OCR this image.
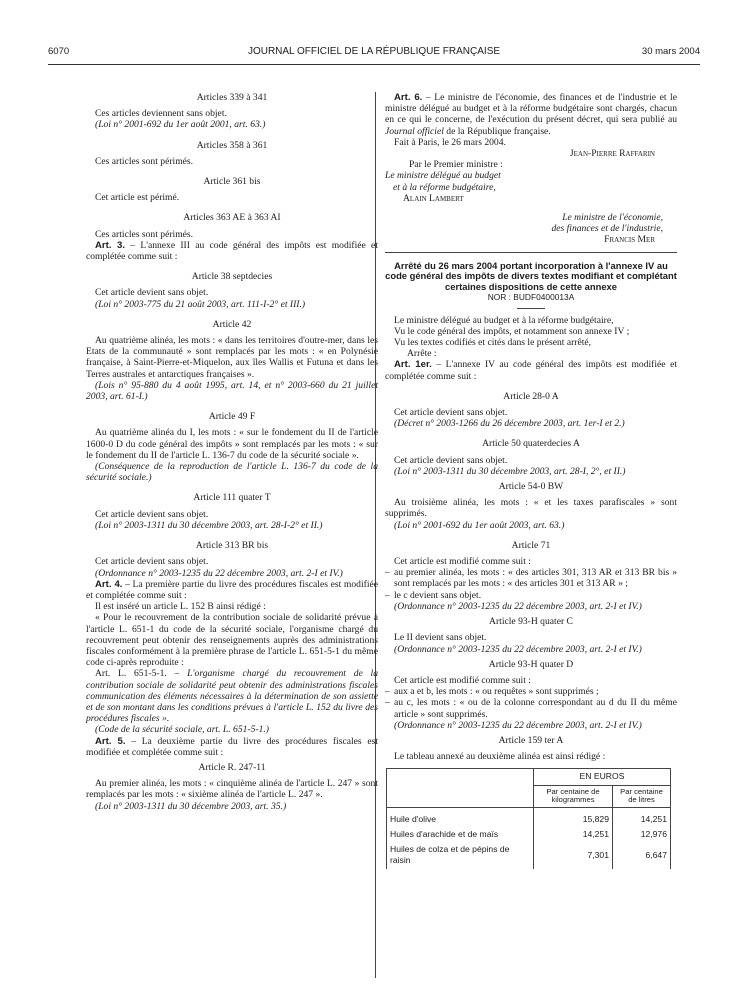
6070	JOURNAL OFFICIEL DE LA RÉPUBLIQUE FRANÇAISE	30 mars 2004
Articles 339 à 341

Ces articles deviennent sans objet.

(Loi n° 2001-692 du 1er août 2001, art. 63.)

Articles 358 à 361

Ces articles sont périmés.

Article 361 bis

Cet article est périmé.

Articles 363 AE à 363 AI

Ces articles sont périmés.

Art. 3. – L'annexe III au code général des impôts est modifiée et complétée comme suit :

Article 38 septdecies

Cet article devient sans objet.

(Loi n° 2003-775 du 21 août 2003, art. 111-I-2° et III.)

Article 42

Au quatrième alinéa, les mots : « dans les territoires d'outre-mer, dans les Etats de la communauté » sont remplacés par les mots : « en Polynésie française, à Saint-Pierre-et-Miquelon, aux îles Wallis et Futuna et dans les Terres australes et antarctiques françaises ».

(Lois n° 95-880 du 4 août 1995, art. 14, et n° 2003-660 du 21 juillet 2003, art. 61-I.)

Article 49 F

Au quatrième alinéa du I, les mots : « sur le fondement du II de l'article 1600-0 D du code général des impôts » sont remplacés par les mots : « sur le fondement du II de l'article L. 136-7 du code de la sécurité sociale ».

(Conséquence de la reproduction de l'article L. 136-7 du code de la sécurité sociale.)

Article 111 quater T

Cet article devient sans objet.

(Loi n° 2003-1311 du 30 décembre 2003, art. 28-I-2° et II.)

Article 313 BR bis

Cet article devient sans objet.

(Ordonnance n° 2003-1235 du 22 décembre 2003, art. 2-I et IV.)

Art. 4. – La première partie du livre des procédures fiscales est modifiée et complétée comme suit :

Il est inséré un article L. 152 B ainsi rédigé :

« Pour le recouvrement de la contribution sociale de solidarité prévue à l'article L. 651-1 du code de la sécurité sociale, l'organisme chargé du recouvrement peut obtenir des renseignements auprès des administrations fiscales conformément à la première phrase de l'article L. 651-5-1 du même code ci-après reproduite :

Art. L. 651-5-1. – L'organisme chargé du recouvrement de la contribution sociale de solidarité peut obtenir des administrations fiscales communication des éléments nécessaires à la détermination de son assiette et de son montant dans les conditions prévues à l'article L. 152 du livre des procédures fiscales ».

(Code de la sécurité sociale, art. L. 651-5-1.)

Art. 5. – La deuxième partie du livre des procédures fiscales est modifiée et complétée comme suit :

Article R. 247-11

Au premier alinéa, les mots : « cinquième alinéa de l'article L. 247 » sont remplacés par les mots : « sixième alinéa de l'article L. 247 ».

(Loi n° 2003-1311 du 30 décembre 2003, art. 35.)

Art. 6. – Le ministre de l'économie, des finances et de l'industrie et le ministre délégué au budget et à la réforme budgétaire sont chargés, chacun en ce qui le concerne, de l'exécution du présent décret, qui sera publié au Journal officiel de la République française.

Fait à Paris, le 26 mars 2004.

Jean-Pierre Raffarin

Par le Premier ministre :

Le ministre délégué au budget

et à la réforme budgétaire,

Alain Lambert

Le ministre de l'économie,

des finances et de l'industrie,

Francis Mer

Arrêté du 26 mars 2004 portant incorporation à l'annexe IV au code général des impôts de divers textes modifiant et complétant certaines dispositions de cette annexe
NOR : BUDF0400013A

Le ministre délégué au budget et à la réforme budgétaire,

Vu le code général des impôts, et notamment son annexe IV ;

Vu les textes codifiés et cités dans le présent arrêté,

Arrête :

Art. 1er. – L'annexe IV au code général des impôts est modifiée et complétée comme suit :

Article 28-0 A

Cet article devient sans objet.

(Décret n° 2003-1266 du 26 décembre 2003, art. 1er-I et 2.)

Article 50 quaterdecies A

Cet article devient sans objet.

(Loi n° 2003-1311 du 30 décembre 2003, art. 28-I, 2°, et II.)

Article 54-0 BW

Au troisième alinéa, les mots : « et les taxes parafiscales » sont supprimés.

(Loi n° 2001-692 du 1er août 2003, art. 63.)

Article 71

Cet article est modifié comme suit :

– au premier alinéa, les mots : « des articles 301, 313 AR et 313 BR bis » sont remplacés par les mots : « des articles 301 et 313 AR » ;

– le c devient sans objet.

(Ordonnance n° 2003-1235 du 22 décembre 2003, art. 2-I et IV.)

Article 93-H quater C

Le II devient sans objet.

(Ordonnance n° 2003-1235 du 22 décembre 2003, art. 2-I et IV.)

Article 93-H quater D

Cet article est modifié comme suit :

– aux a et b, les mots : « ou requêtes » sont supprimés ;

– au c, les mots : « ou de la colonne correspondant au d du II du même article » sont supprimés.

(Ordonnance n° 2003-1235 du 22 décembre 2003, art. 2-I et IV.)

Article 159 ter A

Le tableau annexé au deuxième alinéa est ainsi rédigé :

	EN EUROS	
	Par centaine de kilogrammes	Par centaine de litres
Huile d'olive	15,829	14,251
Huiles d'arachide et de maïs	14,251	12,976
Huiles de colza et de pépins de raisin	7,301	6,647
